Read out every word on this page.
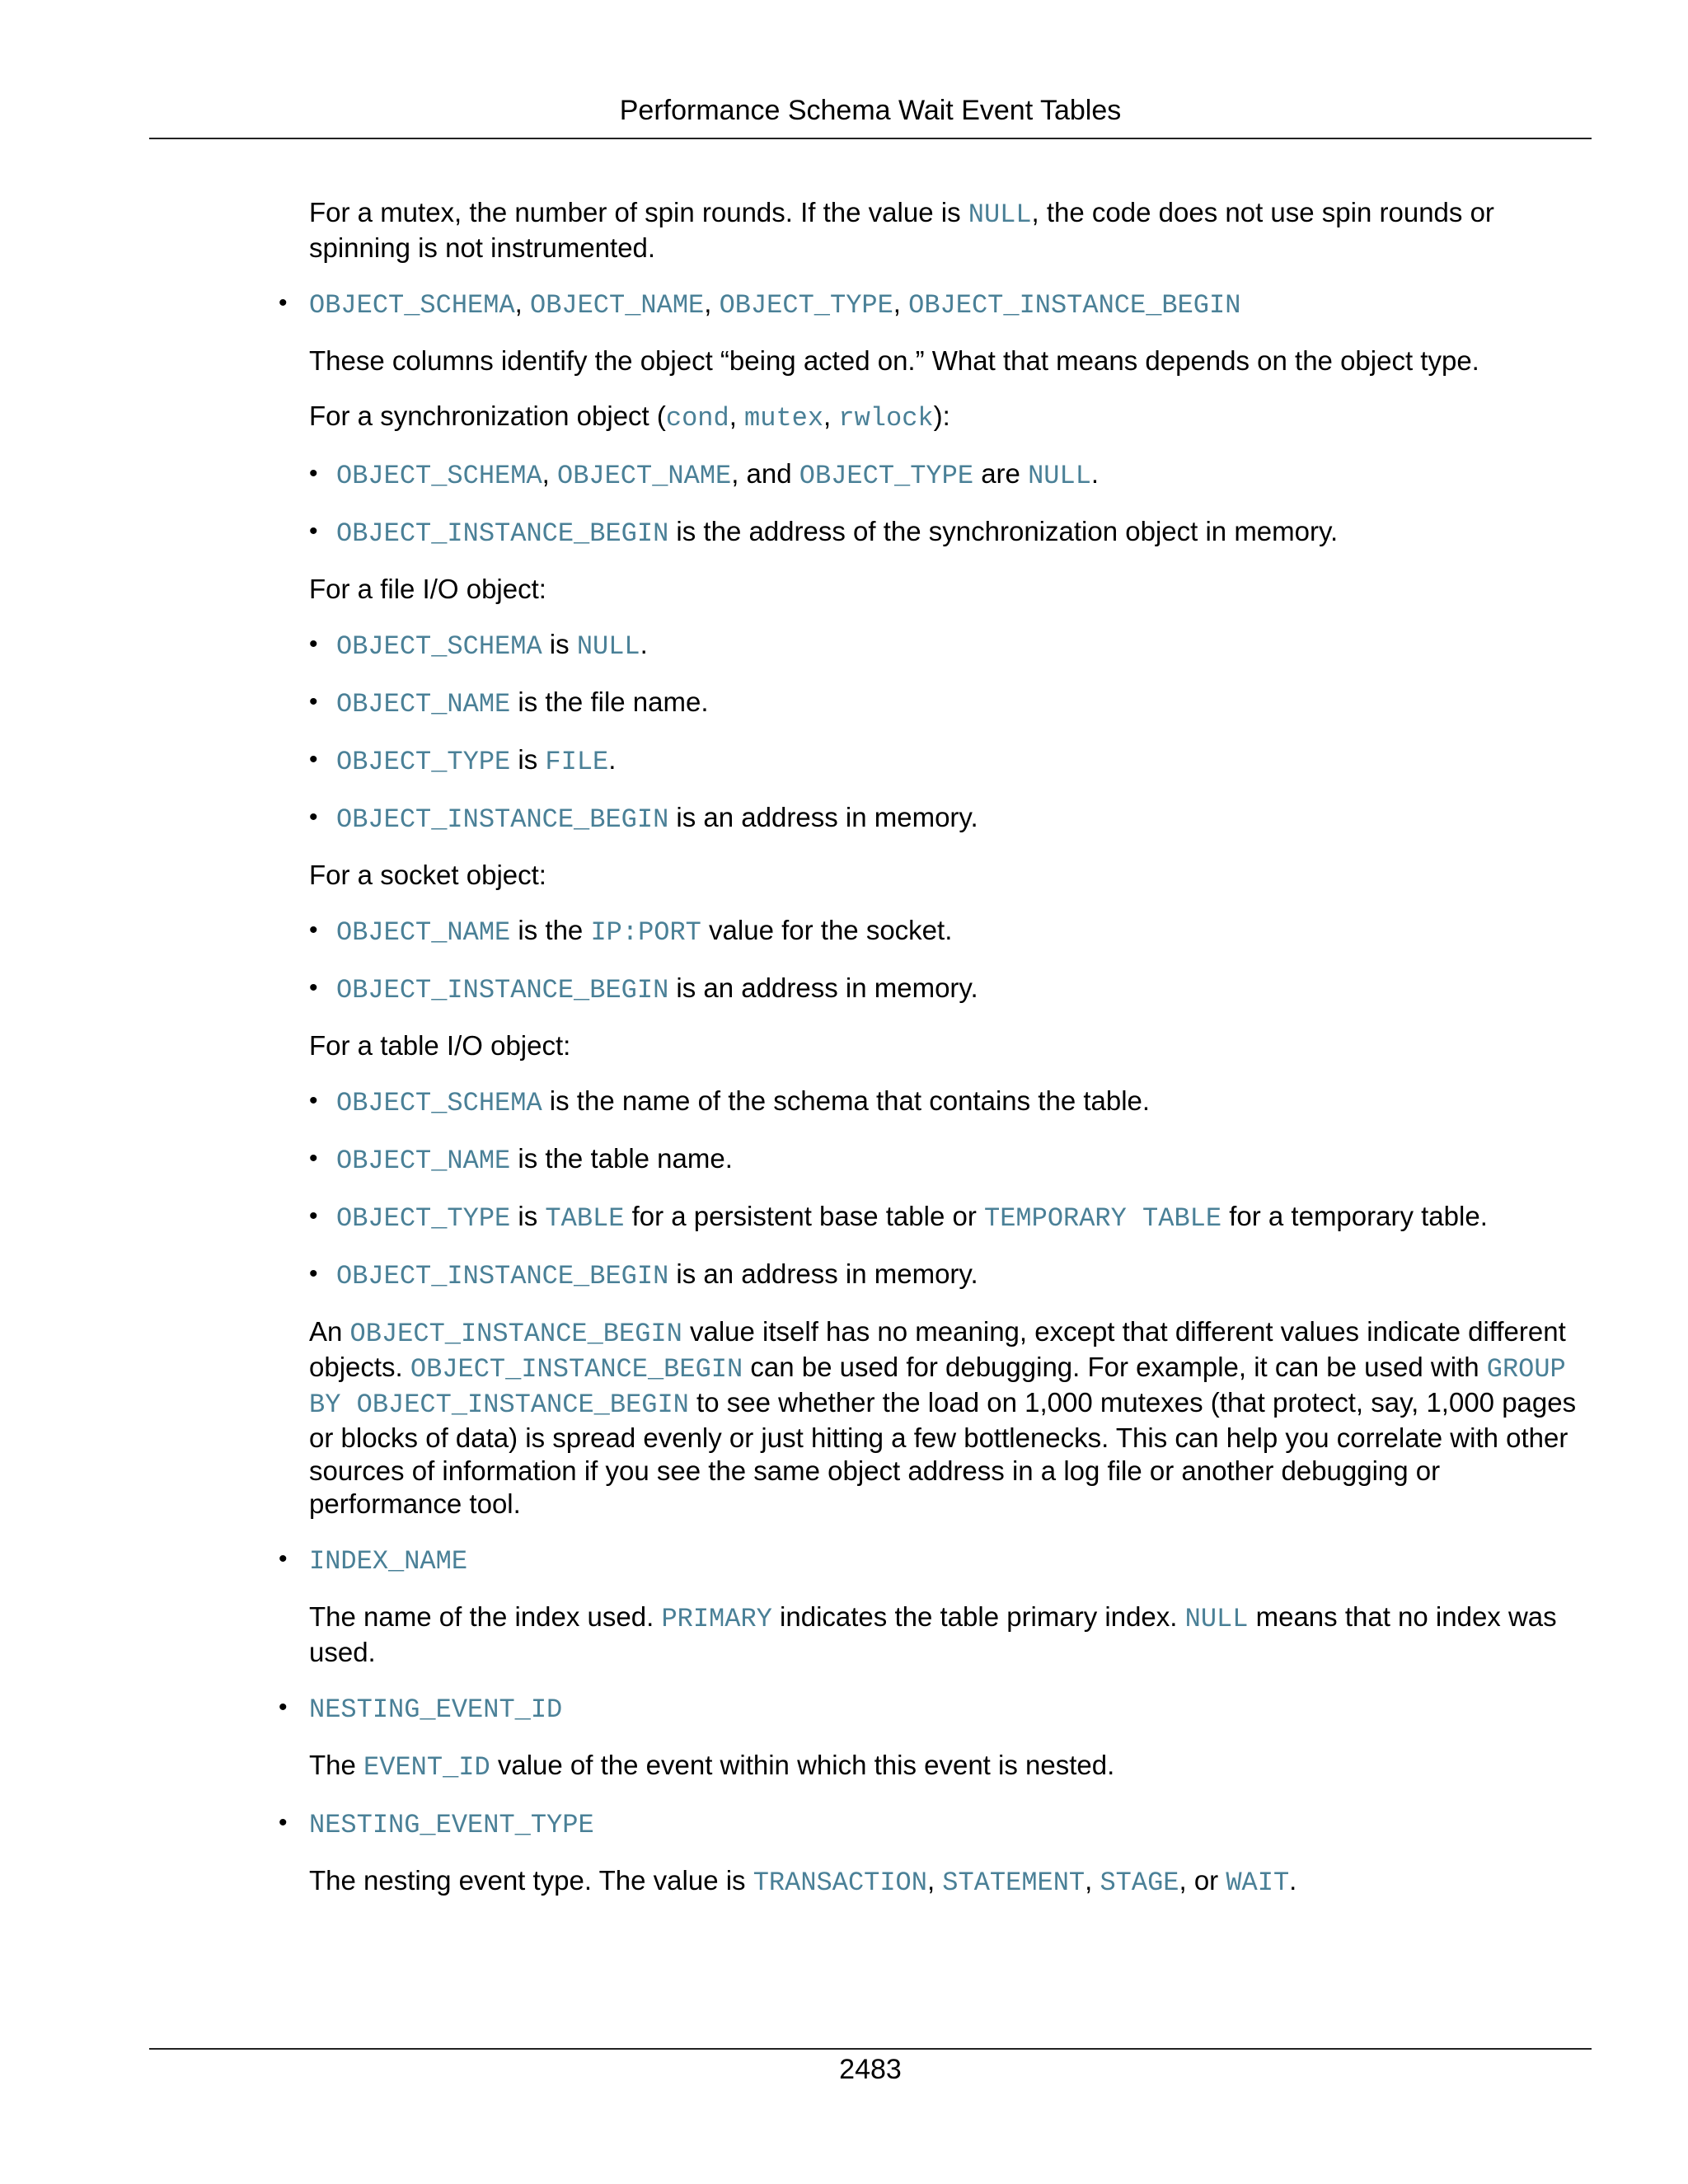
Performance Schema Wait Event Tables

For a mutex, the number of spin rounds. If the value is NULL, the code does not use spin rounds or spinning is not instrumented.

• OBJECT_SCHEMA, OBJECT_NAME, OBJECT_TYPE, OBJECT_INSTANCE_BEGIN

These columns identify the object “being acted on.” What that means depends on the object type.

For a synchronization object (cond, mutex, rwlock):

• OBJECT_SCHEMA, OBJECT_NAME, and OBJECT_TYPE are NULL.
• OBJECT_INSTANCE_BEGIN is the address of the synchronization object in memory.

For a file I/O object:

• OBJECT_SCHEMA is NULL.
• OBJECT_NAME is the file name.
• OBJECT_TYPE is FILE.
• OBJECT_INSTANCE_BEGIN is an address in memory.

For a socket object:

• OBJECT_NAME is the IP:PORT value for the socket.
• OBJECT_INSTANCE_BEGIN is an address in memory.

For a table I/O object:

• OBJECT_SCHEMA is the name of the schema that contains the table.
• OBJECT_NAME is the table name.
• OBJECT_TYPE is TABLE for a persistent base table or TEMPORARY TABLE for a temporary table.
• OBJECT_INSTANCE_BEGIN is an address in memory.

An OBJECT_INSTANCE_BEGIN value itself has no meaning, except that different values indicate different objects. OBJECT_INSTANCE_BEGIN can be used for debugging. For example, it can be used with GROUP BY OBJECT_INSTANCE_BEGIN to see whether the load on 1,000 mutexes (that protect, say, 1,000 pages or blocks of data) is spread evenly or just hitting a few bottlenecks. This can help you correlate with other sources of information if you see the same object address in a log file or another debugging or performance tool.

• INDEX_NAME

The name of the index used. PRIMARY indicates the table primary index. NULL means that no index was used.

• NESTING_EVENT_ID

The EVENT_ID value of the event within which this event is nested.

• NESTING_EVENT_TYPE

The nesting event type. The value is TRANSACTION, STATEMENT, STAGE, or WAIT.

2483
